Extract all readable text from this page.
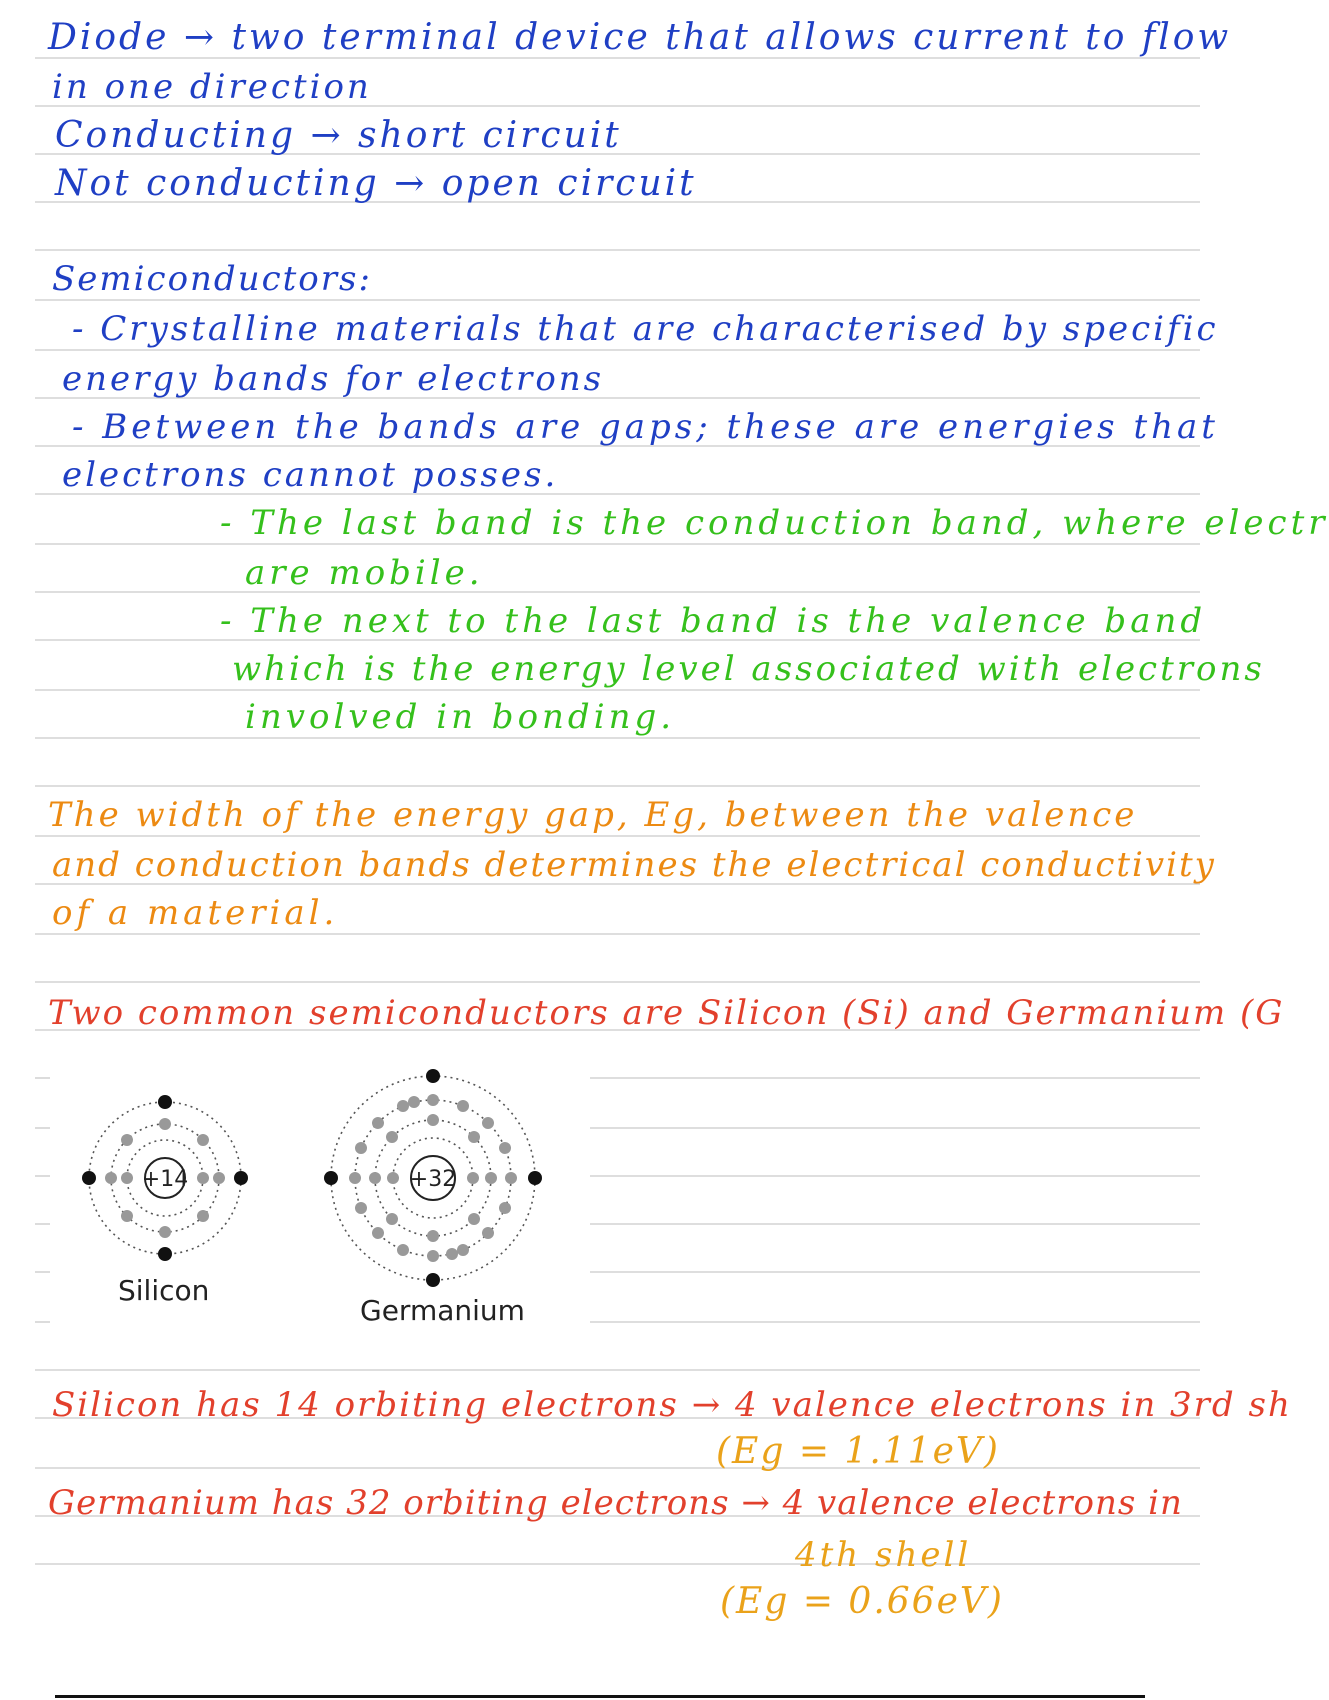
Diode → two terminal device that allows current to flow
in one direction
Conducting → short circuit
Not conducting → open circuit
Semiconductors:
- Crystalline materials that are characterised by specific
energy bands for electrons
- Between the bands are gaps; these are energies that
electrons cannot posses.
- The last band is the conduction band, where electr
are mobile.
- The next to the last band is the valence band
which is the energy level associated with electrons
involved in bonding.
The width of the energy gap, Eg, between the valence
and conduction bands determines the electrical conductivity
of a material.
Two common semiconductors are Silicon (Si) and Germanium (G
+14	+32
Silicon
Germanium
Silicon has 14 orbiting electrons → 4 valence electrons in 3rd sh
(Eg = 1.11eV)
Germanium has 32 orbiting electrons → 4 valence electrons in
4th shell
(Eg = 0.66eV)
